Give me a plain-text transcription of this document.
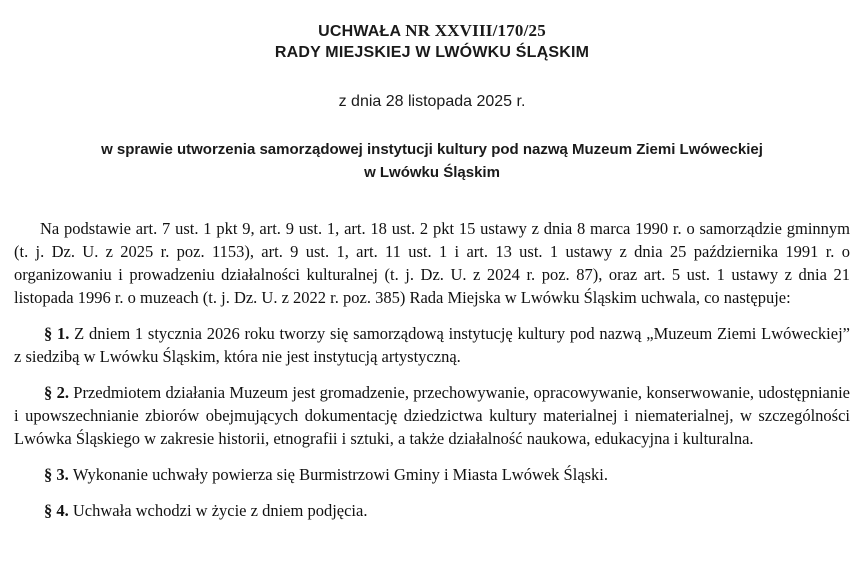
UCHWAŁA NR XXVIII/170/25
RADY MIEJSKIEJ W LWÓWKU ŚLĄSKIM
z dnia 28 listopada 2025 r.
w sprawie utworzenia samorządowej instytucji kultury pod nazwą Muzeum Ziemi Lwóweckiej
w Lwówku Śląskim

Na podstawie art. 7 ust. 1 pkt 9, art. 9 ust. 1, art. 18 ust. 2 pkt 15 ustawy z dnia 8 marca 1990 r. o samorządzie gminnym (t. j. Dz. U. z 2025 r. poz. 1153), art. 9 ust. 1, art. 11 ust. 1 i art. 13 ust. 1 ustawy z dnia 25 października 1991 r. o organizowaniu i prowadzeniu działalności kulturalnej (t. j. Dz. U. z 2024 r. poz. 87), oraz art. 5 ust. 1 ustawy z dnia 21 listopada 1996 r. o muzeach (t. j. Dz. U. z 2022 r. poz. 385) Rada Miejska w Lwówku Śląskim uchwala, co następuje:

§ 1. Z dniem 1 stycznia 2026 roku tworzy się samorządową instytucję kultury pod nazwą „Muzeum Ziemi Lwóweckiej” z siedzibą w Lwówku Śląskim, która nie jest instytucją artystyczną.

§ 2. Przedmiotem działania Muzeum jest gromadzenie, przechowywanie, opracowywanie, konserwowanie, udostępnianie i upowszechnianie zbiorów obejmujących dokumentację dziedzictwa kultury materialnej i niematerialnej, w szczególności Lwówka Śląskiego w zakresie historii, etnografii i sztuki, a także działalność naukowa, edukacyjna i kulturalna.

§ 3. Wykonanie uchwały powierza się Burmistrzowi Gminy i Miasta Lwówek Śląski.

§ 4. Uchwała wchodzi w życie z dniem podjęcia.
